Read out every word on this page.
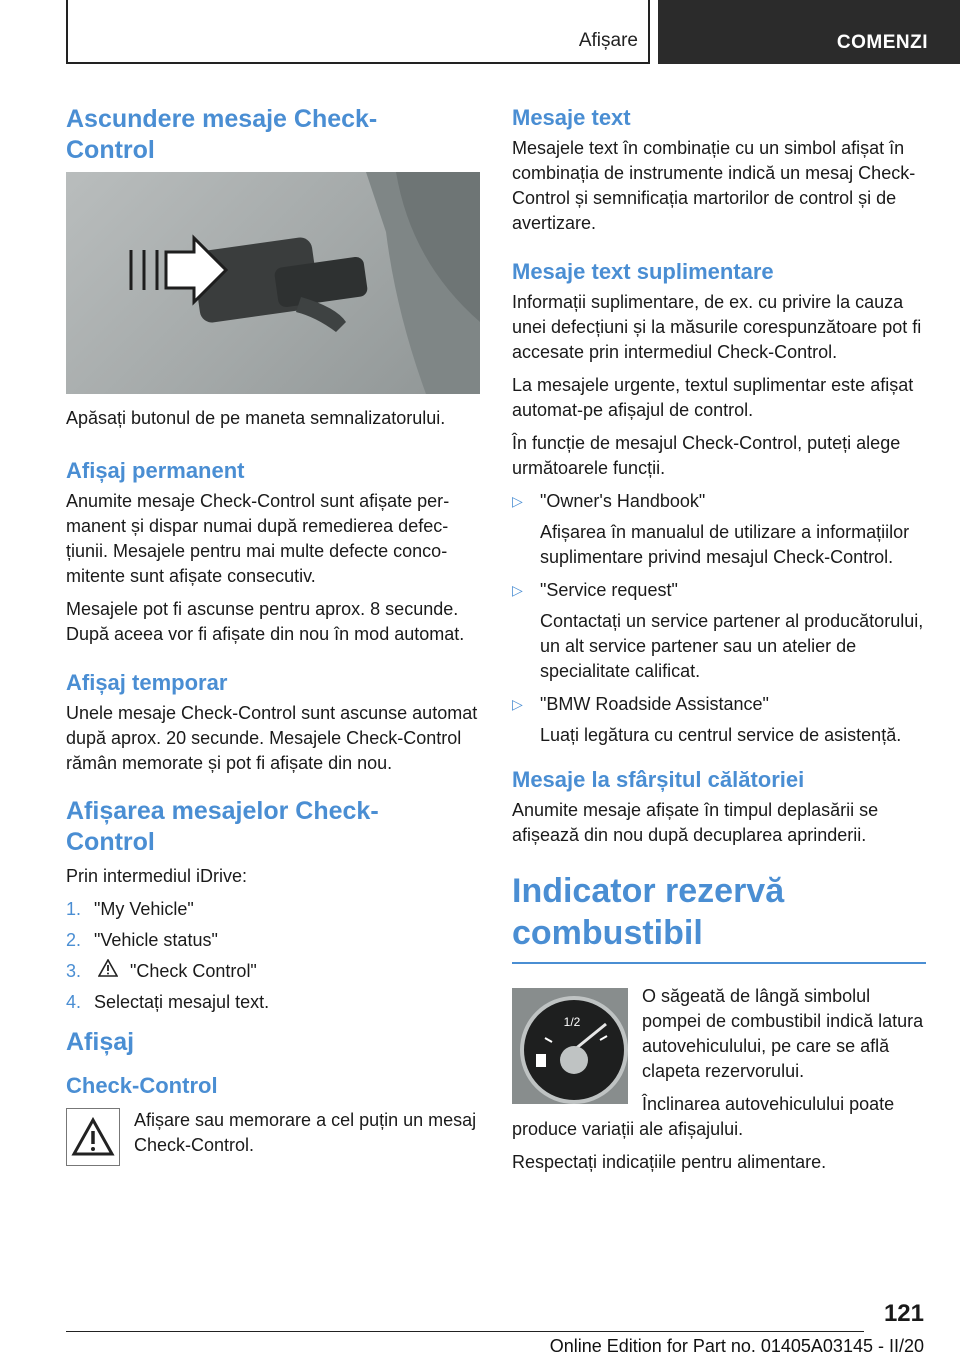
Afișare	COMENZI
Ascundere mesaje Check-Control

Apăsați butonul de pe maneta semnalizatorului.

Afișaj permanent

Anumite mesaje Check-Control sunt afișate permanent și dispar numai după remedierea defecțiunii. Mesajele pentru mai multe defecte concomitente sunt afișate consecutiv.

Mesajele pot fi ascunse pentru aprox. 8 secunde. După aceea vor fi afișate din nou în mod automat.

Afișaj temporar

Unele mesaje Check-Control sunt ascunse automat după aprox. 20 secunde. Mesajele Check-Control rămân memorate și pot fi afișate din nou.

Afișarea mesajelor Check-Control

Prin intermediul iDrive:

1. "My Vehicle"
2. "Vehicle status"
3.	"Check Control"
4. Selectați mesajul text.
Afișaj
Check-Control

Afișare sau memorare a cel puțin un mesaj Check-Control.

Mesaje text

Mesajele text în combinație cu un simbol afișat în combinația de instrumente indică un mesaj Check-Control și semnificația martorilor de control și de avertizare.

Mesaje text suplimentare

Informații suplimentare, de ex. cu privire la cauza unei defecțiuni și la măsurile corespunzătoare pot fi accesate prin intermediul Check-Control.

La mesajele urgente, textul suplimentar este afișat automat-pe afișajul de control.

În funcție de mesajul Check-Control, puteți alege următoarele funcții.

▷ "Owner's Handbook"
Afișarea în manualul de utilizare a informațiilor suplimentare privind mesajul Check-Control.
▷ "Service request"
Contactați un service partener al producătorului, un alt service partener sau un atelier de specialitate calificat.
▷ "BMW Roadside Assistance"
Luați legătura cu centrul service de asistență.
Mesaje la sfârșitul călătoriei

Anumite mesaje afișate în timpul deplasării se afișează din nou după decuplarea aprinderii.

Indicator rezervă combustibil
1/2

O săgeată de lângă simbolul pompei de combustibil indică latura autovehiculului, pe care se află clapeta rezervorului.

Înclinarea autovehiculului poate produce variații ale afișajului.

Respectați indicațiile pentru alimentare.

121
Online Edition for Part no. 01405A03145 - II/20
